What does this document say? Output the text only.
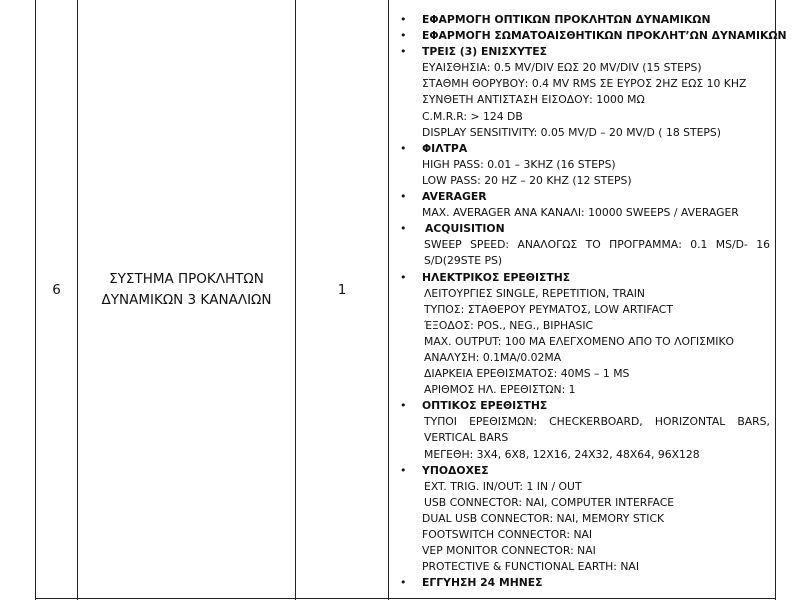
6
ΣΥΣΤΗΜΑ ΠΡΟΚΛΗΤΩΝ
ΔΥΝΑΜΙΚΩΝ 3 ΚΑΝΑΛΙΩΝ
1
• ΕΦΑΡΜΟΓΗ ΟΠΤΙΚΩΝ ΠΡΟΚΛΗΤΩΝ ΔΥΝΑΜΙΚΩΝ
• ΕΦΑΡΜΟΓΗ ΣΩΜΑΤΟΑΙΣΘΗΤΙΚΩΝ ΠΡΟΚΛΗΤ’ΩΝ ΔΥΝΑΜΙΚΩΝ
• ΤΡΕΙΣ (3) ΕΝΙΣΧΥΤΕΣ
ΕΥΑΙΣΘΗΣΙΑ: 0.5 MV/DIV ΕΩΣ 20 MV/DIV (15 STEPS)
ΣΤΑΘΜΗ ΘΟΡΥΒΟΥ: 0.4 MV RMS ΣΕ ΕΥΡΟΣ 2HZ ΕΩΣ 10 KHZ
ΣΥΝΘΕΤΗ ΑΝΤΙΣΤΑΣΗ ΕΙΣΟΔΟΥ: 1000 ΜΩ
C.M.R.R: > 124 DB
DISPLAY SENSITIVITY: 0.05 MV/D – 20 MV/D ( 18 STEPS)
• ΦΙΛΤΡΑ
HIGH PASS: 0.01 – 3KHZ (16 STEPS)
LOW PASS: 20 HZ – 20 KHZ (12 STEPS)
• AVERAGER
MAX. AVERAGER ΑΝΑ ΚΑΝΑΛΙ: 10000 SWEEPS / AVERAGER
• ACQUISITION
SWEEP SPEED: ΑΝΑΛΟΓΩΣ ΤΟ ΠΡΟΓΡΑΜΜΑ: 0.1 MS/D- 16
S/D(29STE PS)
• ΗΛΕΚΤΡΙΚΟΣ ΕΡΕΘΙΣΤΗΣ
ΛΕΙΤΟΥΡΓΙΕΣ SINGLE, REPETITION, TRAIN
ΤΥΠΟΣ: ΣΤΑΘΕΡΟΥ ΡΕΥΜΑΤΟΣ, LOW ARTIFACT
ΈΞΟΔΟΣ: POS., NEG., BIPHASIC
MAX. OUTPUT: 100 MA ΕΛΕΓΧΟΜΕΝΟ ΑΠΟ ΤΟ ΛΟΓΙΣΜΙΚΟ
ΑΝΑΛΥΣΗ: 0.1MA/0.02MA
ΔΙΑΡΚΕΙΑ ΕΡΕΘΙΣΜΑΤΟΣ: 40MS – 1 MS
ΑΡΙΘΜΟΣ ΗΛ. ΕΡΕΘΙΣΤΩΝ: 1
• ΟΠΤΙΚΟΣ ΕΡΕΘΙΣΤΗΣ
ΤΥΠΟΙ ΕΡΕΘΙΣΜΩΝ: CHECKERBOARD, HORIZONTAL BARS,
VERTICAL BARS
ΜΕΓΕΘΗ: 3X4, 6X8, 12X16, 24X32, 48X64, 96X128
• ΥΠΟΔΟΧΕΣ
EXT. TRIG. IN/OUT: 1 IN / OUT
USB CONNECTOR: ΝΑΙ, COMPUTER INTERFACE
DUAL USB CONNECTOR: ΝΑΙ, MEMORY STICK
FOOTSWITCH CONNECTOR: ΝΑΙ
VEP MONITOR CONNECTOR: ΝΑΙ
PROTECTIVE & FUNCTIONAL EARTH: ΝΑΙ
• ΕΓΓΥΗΣΗ 24 ΜΗΝΕΣ
